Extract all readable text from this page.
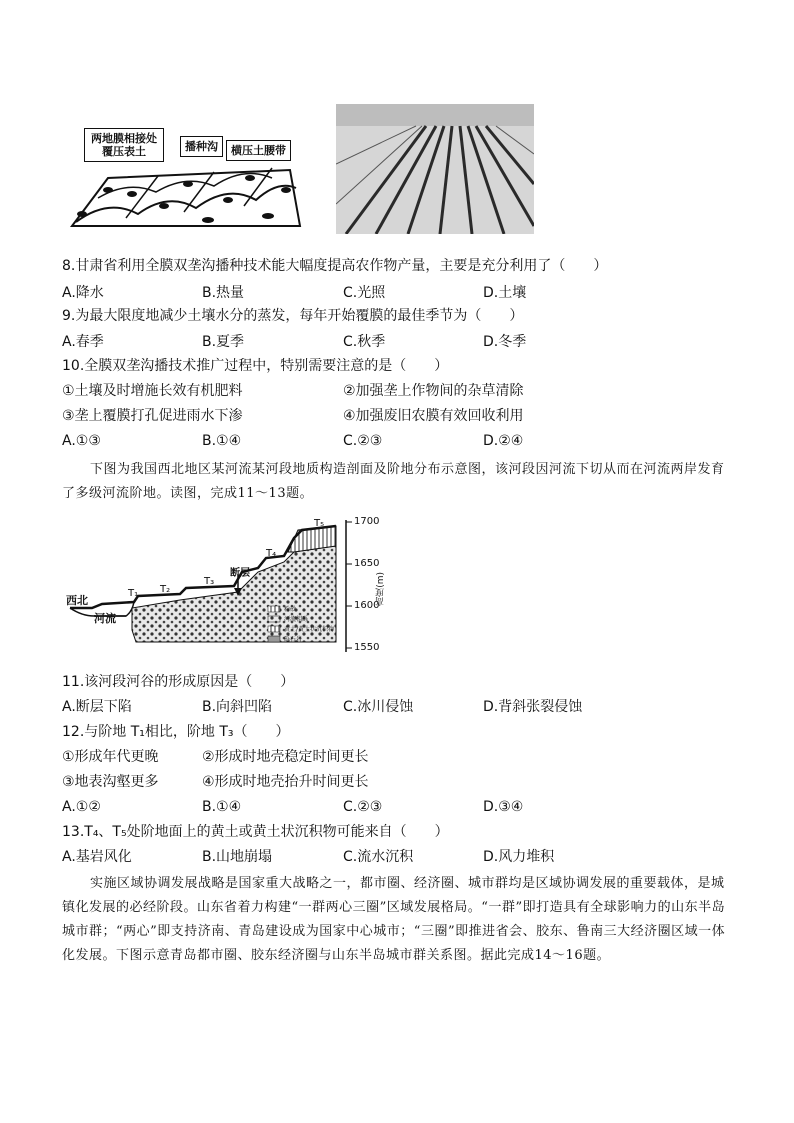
两地膜相接处覆压表土	播种沟	横压土腰带
8.甘肃省利用全膜双垄沟播种技术能大幅度提高农作物产量，主要是充分利用了（　　）
A.降水	B.热量	C.光照	D.土壤
9.为最大限度地减少土壤水分的蒸发，每年开始覆膜的最佳季节为（　　）
A.春季	B.夏季	C.秋季	D.冬季
10.全膜双垄沟播技术推广过程中，特别需要注意的是（　　）
①土壤及时增施长效有机肥料	②加强垄上作物间的杂草清除
③垄上覆膜打孔促进雨水下渗	④加强废旧农膜有效回收利用
A.①③	B.①④	C.②③	D.②④
下图为我国西北地区某河流某河段地质构造剖面及阶地分布示意图，该河段因河流下切从而在河流两岸发育了多级河流阶地。读图，完成11～13题。
西北
河流
断层
T₁ T₂
T₃
T₄
T₅	1700
1650
1600
1550
高度(m)
粉砂
河流相砾
黄土/黄土状沉积物
砾石岩
11.该河段河谷的形成原因是（　　）
A.断层下陷	B.向斜凹陷	C.冰川侵蚀	D.背斜张裂侵蚀
12.与阶地 T₁相比，阶地 T₃（　　）
①形成年代更晚	②形成时地壳稳定时间更长
③地表沟壑更多	④形成时地壳抬升时间更长
A.①②	B.①④	C.②③	D.③④
13.T₄、T₅处阶地面上的黄土或黄土状沉积物可能来自（　　）
A.基岩风化	B.山地崩塌	C.流水沉积	D.风力堆积
实施区域协调发展战略是国家重大战略之一，都市圈、经济圈、城市群均是区域协调发展的重要载体，是城镇化发展的必经阶段。山东省着力构建“一群两心三圈”区域发展格局。“一群”即打造具有全球影响力的山东半岛城市群；“两心”即支持济南、青岛建设成为国家中心城市；“三圈”即推进省会、胶东、鲁南三大经济圈区域一体化发展。下图示意青岛都市圈、胶东经济圈与山东半岛城市群关系图。据此完成14～16题。
